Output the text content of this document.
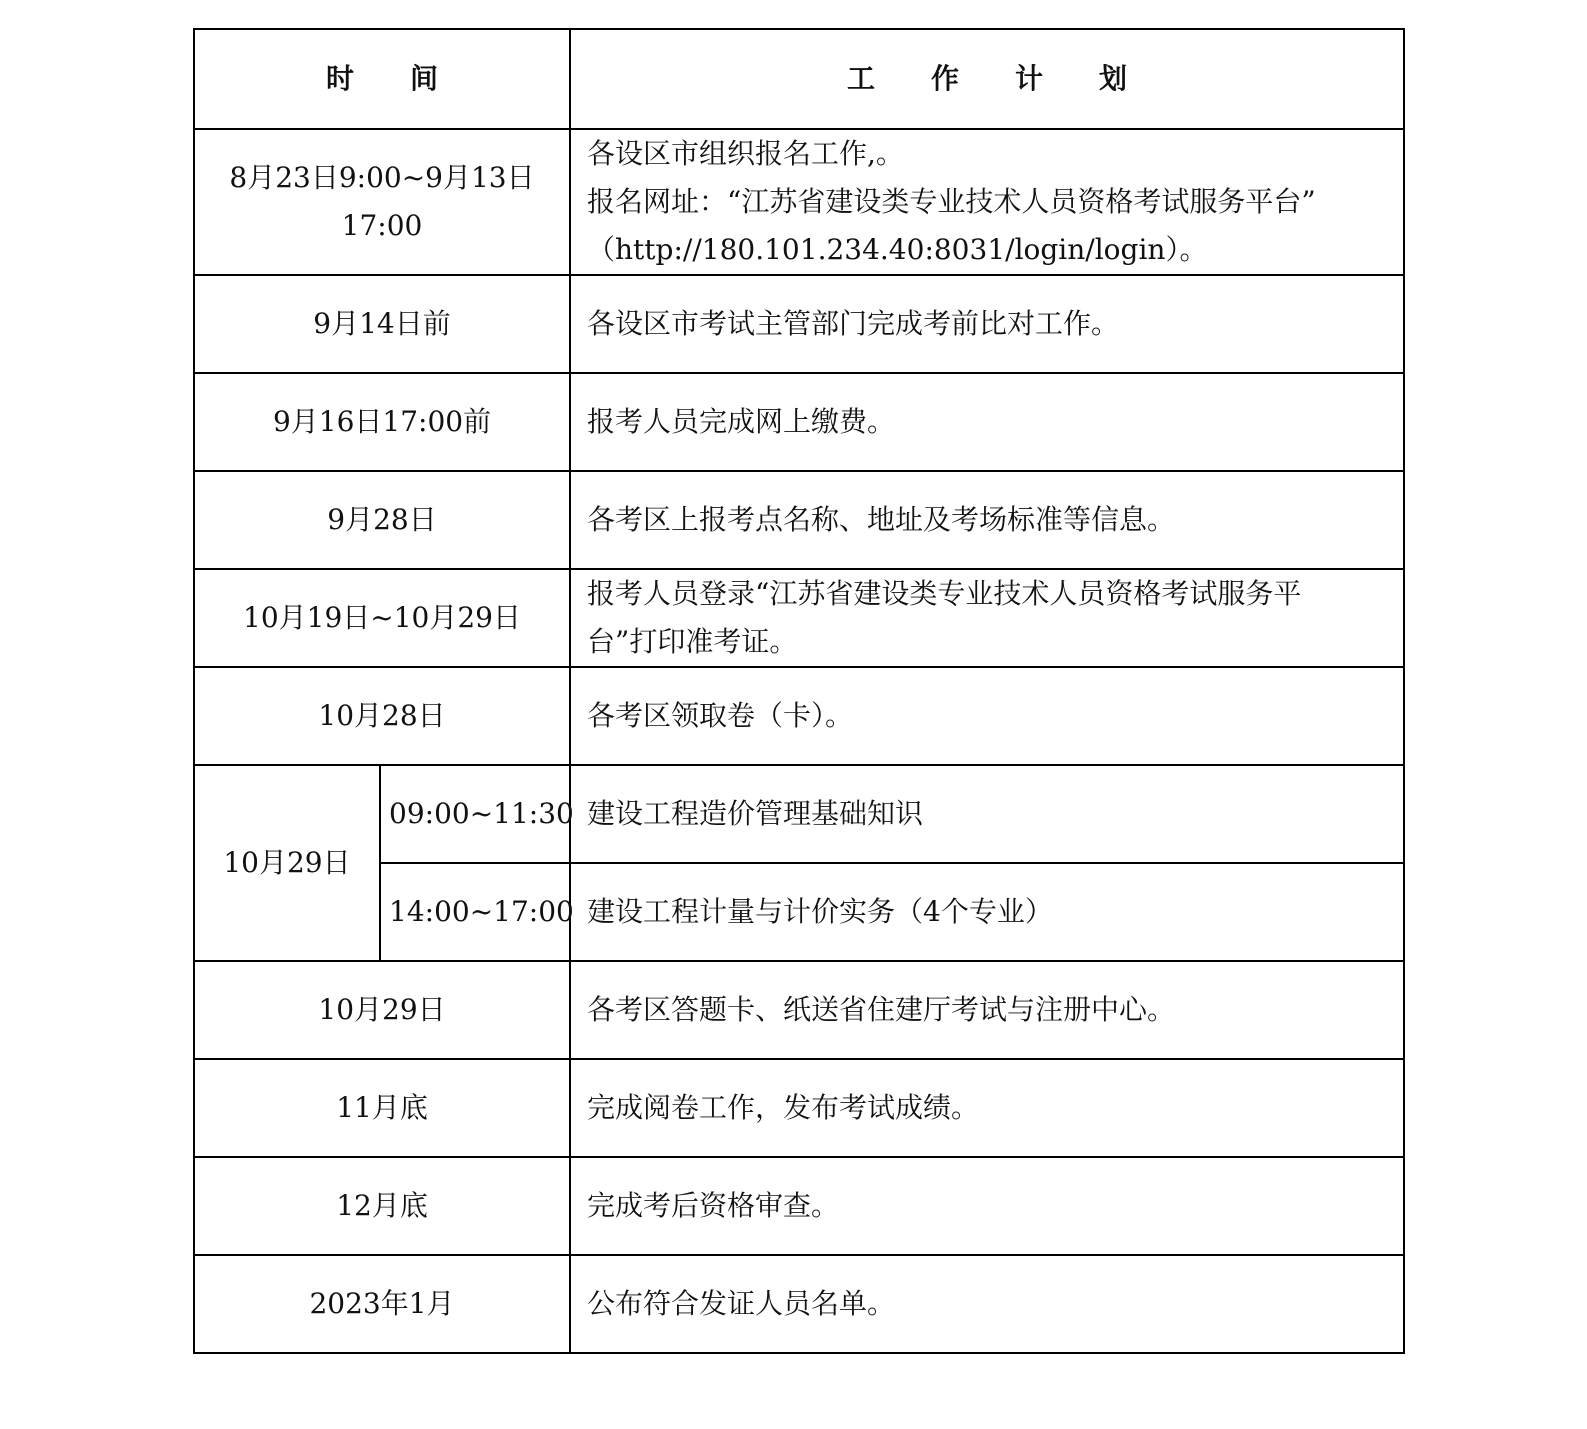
时　　间		工　　作　　计　　划

8月23日9:00~9月13日
17:00		各设区市组织报名工作,。
报名网址：“江苏省建设类专业技术人员资格考试服务平台”
（http://180.101.234.40:8031/login/login）。

9月14日前		各设区市考试主管部门完成考前比对工作。
9月16日17:00前		报考人员完成网上缴费。
9月28日		各考区上报考点名称、地址及考场标准等信息。
10月19日~10月29日		报考人员登录“江苏省建设类专业技术人员资格考试服务平
台”打印准考证。

10月28日		各考区领取卷（卡）。
10月29日	09:00~11:30	建设工程造价管理基础知识
	14:00~17:00	建设工程计量与计价实务（4个专业）
10月29日		各考区答题卡、纸送省住建厅考试与注册中心。
11月底		完成阅卷工作，发布考试成绩。
12月底		完成考后资格审查。
2023年1月		公布符合发证人员名单。
